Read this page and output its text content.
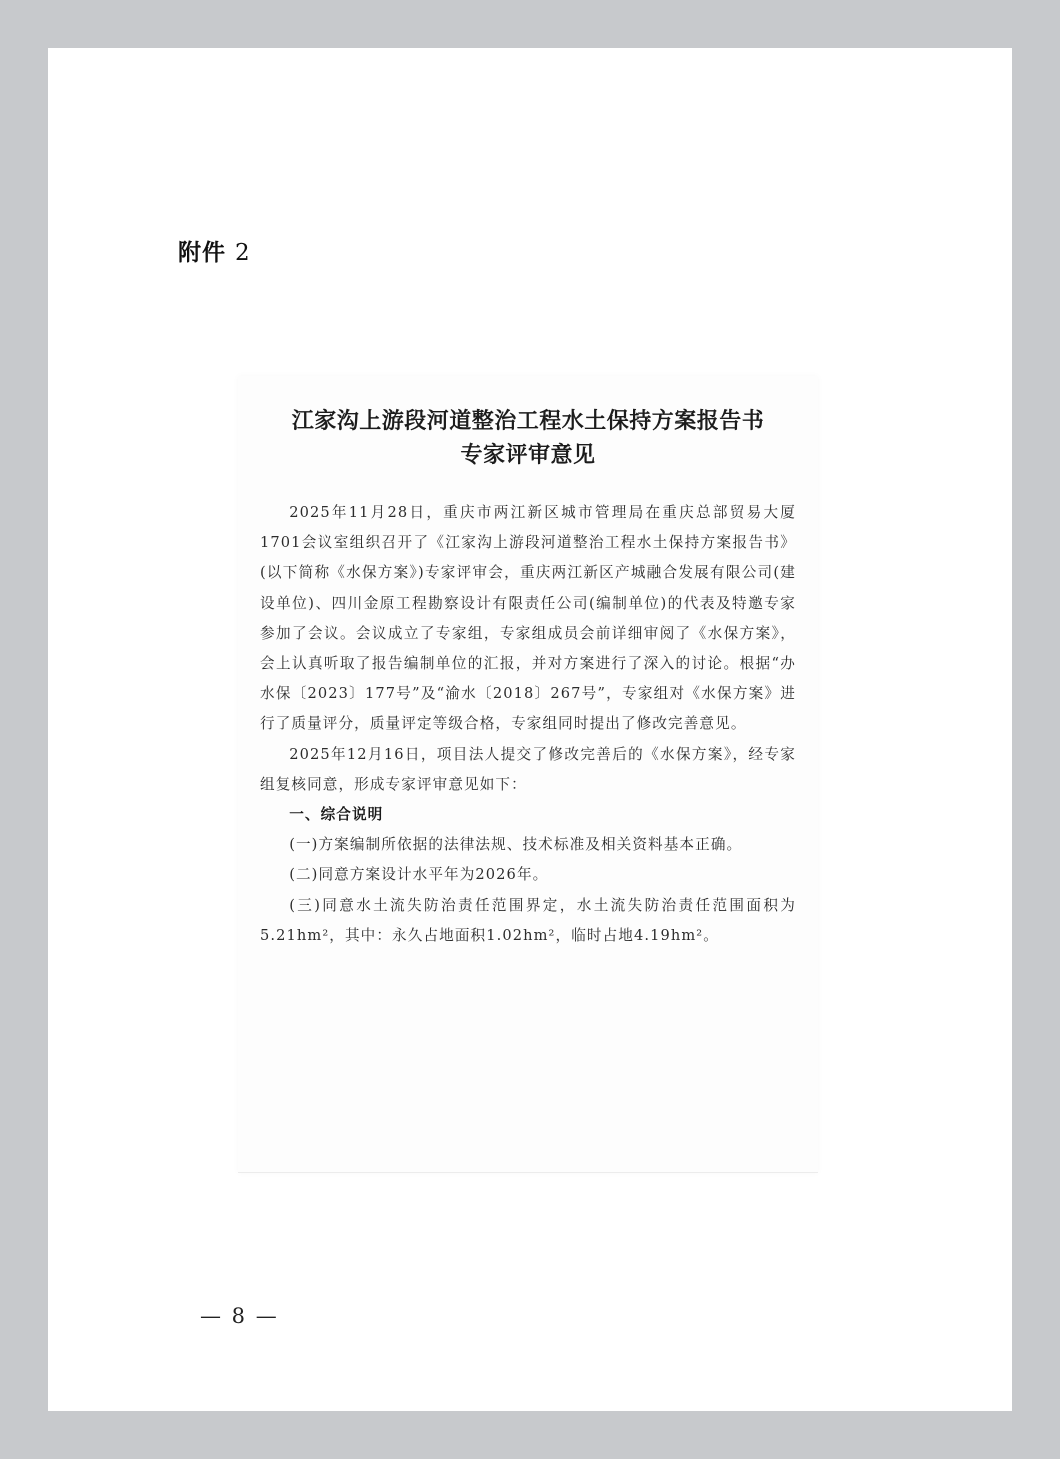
附件 2
江家沟上游段河道整治工程水土保持方案报告书
专家评审意见

2025年11月28日，重庆市两江新区城市管理局在重庆总部贸易大厦1701会议室组织召开了《江家沟上游段河道整治工程水土保持方案报告书》(以下简称《水保方案》)专家评审会，重庆两江新区产城融合发展有限公司(建设单位)、四川金原工程勘察设计有限责任公司(编制单位)的代表及特邀专家参加了会议。会议成立了专家组，专家组成员会前详细审阅了《水保方案》，会上认真听取了报告编制单位的汇报，并对方案进行了深入的讨论。根据“办水保〔2023〕177号”及“渝水〔2018〕267号”，专家组对《水保方案》进行了质量评分，质量评定等级合格，专家组同时提出了修改完善意见。

2025年12月16日，项目法人提交了修改完善后的《水保方案》，经专家组复核同意，形成专家评审意见如下：

一、综合说明

(一)方案编制所依据的法律法规、技术标准及相关资料基本正确。

(二)同意方案设计水平年为2026年。

(三)同意水土流失防治责任范围界定，水土流失防治责任范围面积为5.21hm²，其中：永久占地面积1.02hm²，临时占地4.19hm²。

— 8 —
